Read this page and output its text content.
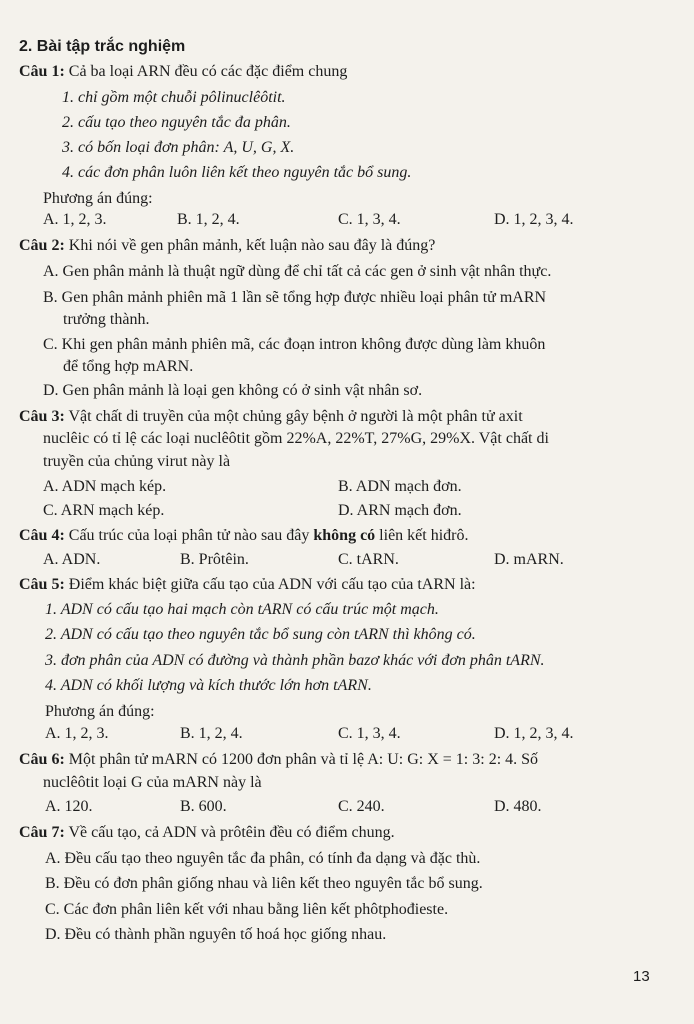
2. Bài tập trắc nghiệm
Câu 1: Cả ba loại ARN đều có các đặc điểm chung
1. chỉ gồm một chuỗi pôlinuclêôtit.
2. cấu tạo theo nguyên tắc đa phân.
3. có bốn loại đơn phân: A, U, G, X.
4. các đơn phân luôn liên kết theo nguyên tắc bổ sung.
Phương án đúng:
A. 1, 2, 3.	B. 1, 2, 4.	C. 1, 3, 4.	D. 1, 2, 3, 4.
Câu 2: Khi nói về gen phân mảnh, kết luận nào sau đây là đúng?
A. Gen phân mảnh là thuật ngữ dùng để chỉ tất cả các gen ở sinh vật nhân thực.
B. Gen phân mảnh phiên mã 1 lần sẽ tổng hợp được nhiều loại phân tử mARN
trưởng thành.
C. Khi gen phân mảnh phiên mã, các đoạn intron không được dùng làm khuôn
để tổng hợp mARN.
D. Gen phân mảnh là loại gen không có ở sinh vật nhân sơ.
Câu 3: Vật chất di truyền của một chủng gây bệnh ở người là một phân tử axit
nuclêic có tỉ lệ các loại nuclêôtit gồm 22%A, 22%T, 27%G, 29%X. Vật chất di
truyền của chủng virut này là
A. ADN mạch kép.	B. ADN mạch đơn.
C. ARN mạch kép.	D. ARN mạch đơn.
Câu 4: Cấu trúc của loại phân tử nào sau đây không có liên kết hiđrô.
A. ADN.	B. Prôtêin.	C. tARN.	D. mARN.
Câu 5: Điểm khác biệt giữa cấu tạo của ADN với cấu tạo của tARN là:
1. ADN có cấu tạo hai mạch còn tARN có cấu trúc một mạch.
2. ADN có cấu tạo theo nguyên tắc bổ sung còn tARN thì không có.
3. đơn phân của ADN có đường và thành phần bazơ khác với đơn phân tARN.
4. ADN có khối lượng và kích thước lớn hơn tARN.
Phương án đúng:
A. 1, 2, 3.	B. 1, 2, 4.	C. 1, 3, 4.	D. 1, 2, 3, 4.
Câu 6: Một phân tử mARN có 1200 đơn phân và tỉ lệ A: U: G: X = 1: 3: 2: 4. Số
nuclêôtit loại G của mARN này là
A. 120.	B. 600.	C. 240.	D. 480.
Câu 7: Về cấu tạo, cả ADN và prôtêin đều có điểm chung.
A. Đều cấu tạo theo nguyên tắc đa phân, có tính đa dạng và đặc thù.
B. Đều có đơn phân giống nhau và liên kết theo nguyên tắc bổ sung.
C. Các đơn phân liên kết với nhau bằng liên kết phôtphođieste.
D. Đều có thành phần nguyên tố hoá học giống nhau.
13
